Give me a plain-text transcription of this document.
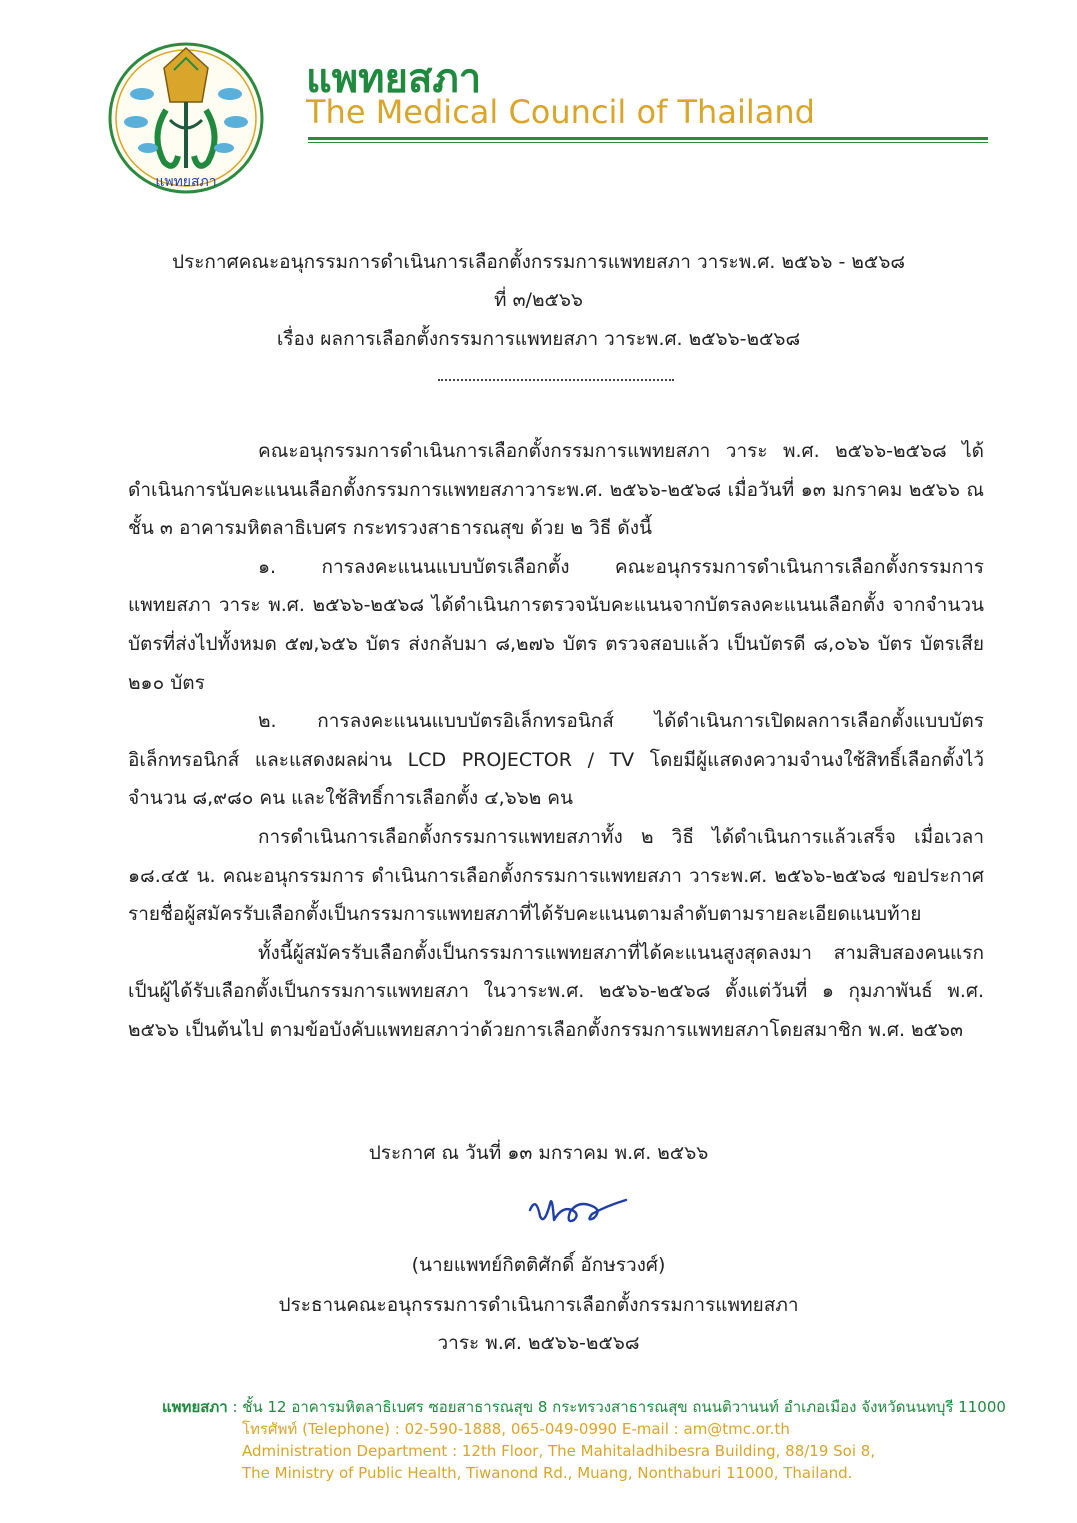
แพทยสภา
แพทยสภา
The Medical Council of Thailand
ประกาศคณะอนุกรรมการดำเนินการเลือกตั้งกรรมการแพทยสภา วาระพ.ศ. ๒๕๖๖ - ๒๕๖๘
ที่ ๓/๒๕๖๖
เรื่อง ผลการเลือกตั้งกรรมการแพทยสภา วาระพ.ศ. ๒๕๖๖-๒๕๖๘

คณะอนุกรรมการดำเนินการเลือกตั้งกรรมการแพทยสภา วาระ พ.ศ. ๒๕๖๖-๒๕๖๘ ได้ดำเนินการนับคะแนนเลือกตั้งกรรมการแพทยสภาวาระพ.ศ. ๒๕๖๖-๒๕๖๘ เมื่อวันที่ ๑๓ มกราคม ๒๕๖๖ ณ ชั้น ๓ อาคารมหิตลาธิเบศร กระทรวงสาธารณสุข ด้วย ๒ วิธี ดังนี้

๑. การลงคะแนนแบบบัตรเลือกตั้ง คณะอนุกรรมการดำเนินการเลือกตั้งกรรมการแพทยสภา วาระ พ.ศ. ๒๕๖๖-๒๕๖๘ ได้ดำเนินการตรวจนับคะแนนจากบัตรลงคะแนนเลือกตั้ง จากจำนวนบัตรที่ส่งไปทั้งหมด ๕๗,๖๕๖ บัตร ส่งกลับมา ๘,๒๗๖ บัตร ตรวจสอบแล้ว เป็นบัตรดี ๘,๐๖๖ บัตร บัตรเสีย ๒๑๐ บัตร

๒. การลงคะแนนแบบบัตรอิเล็กทรอนิกส์ ได้ดำเนินการเปิดผลการเลือกตั้งแบบบัตรอิเล็กทรอนิกส์ และแสดงผลผ่าน LCD PROJECTOR / TV โดยมีผู้แสดงความจำนงใช้สิทธิ์เลือกตั้งไว้ จำนวน ๘,๙๘๐ คน และใช้สิทธิ์การเลือกตั้ง ๔,๖๖๒ คน

การดำเนินการเลือกตั้งกรรมการแพทยสภาทั้ง ๒ วิธี ได้ดำเนินการแล้วเสร็จ เมื่อเวลา ๑๘.๔๕ น. คณะอนุกรรมการ ดำเนินการเลือกตั้งกรรมการแพทยสภา วาระพ.ศ. ๒๕๖๖-๒๕๖๘ ขอประกาศรายชื่อผู้สมัครรับเลือกตั้งเป็นกรรมการแพทยสภาที่ได้รับคะแนนตามลำดับตามรายละเอียดแนบท้าย

ทั้งนี้ผู้สมัครรับเลือกตั้งเป็นกรรมการแพทยสภาที่ได้คะแนนสูงสุดลงมา สามสิบสองคนแรก เป็นผู้ได้รับเลือกตั้งเป็นกรรมการแพทยสภา ในวาระพ.ศ. ๒๕๖๖-๒๕๖๘ ตั้งแต่วันที่ ๑ กุมภาพันธ์ พ.ศ. ๒๕๖๖ เป็นต้นไป ตามข้อบังคับแพทยสภาว่าด้วยการเลือกตั้งกรรมการแพทยสภาโดยสมาชิก พ.ศ. ๒๕๖๓

ประกาศ ณ วันที่ ๑๓ มกราคม พ.ศ. ๒๕๖๖
(นายแพทย์กิตติศักดิ์ อักษรวงศ์)
ประธานคณะอนุกรรมการดำเนินการเลือกตั้งกรรมการแพทยสภา
วาระ พ.ศ. ๒๕๖๖-๒๕๖๘
แพทยสภา : ชั้น 12 อาคารมหิตลาธิเบศร ซอยสาธารณสุข 8 กระทรวงสาธารณสุข ถนนติวานนท์ อำเภอเมือง จังหวัดนนทบุรี 11000
โทรศัพท์ (Telephone) : 02-590-1888, 065-049-0990 E-mail : am@tmc.or.th
Administration Department : 12th Floor, The Mahitaladhibesra Building, 88/19 Soi 8,
The Ministry of Public Health, Tiwanond Rd., Muang, Nonthaburi 11000, Thailand.
